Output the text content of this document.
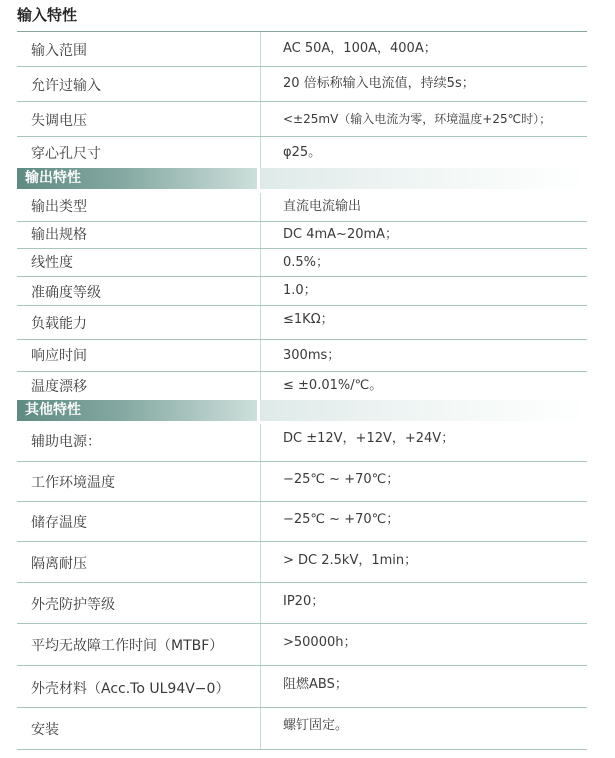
输入特性
输入范围	AC 50A，100A，400A；
允许过输入	20 倍标称输入电流值，持续5s；
失调电压	<±25mV（输入电流为零，环境温度+25℃时）；
穿心孔尺寸	φ25。
输出特性
输出类型	直流电流输出
输出规格	DC 4mA~20mA；
线性度	0.5%；
准确度等级	1.0；
负载能力	≤1KΩ；
响应时间	300ms；
温度漂移	≤ ±0.01%/℃。
其他特性
辅助电源：	DC ±12V，+12V，+24V；
工作环境温度	−25℃ ~ +70℃；
储存温度	−25℃ ~ +70℃；
隔离耐压	> DC 2.5kV，1min；
外壳防护等级	IP20；
平均无故障工作时间（MTBF）	>50000h；
外壳材料（Acc.To UL94V−0）	阻燃ABS；
安装	螺钉固定。
